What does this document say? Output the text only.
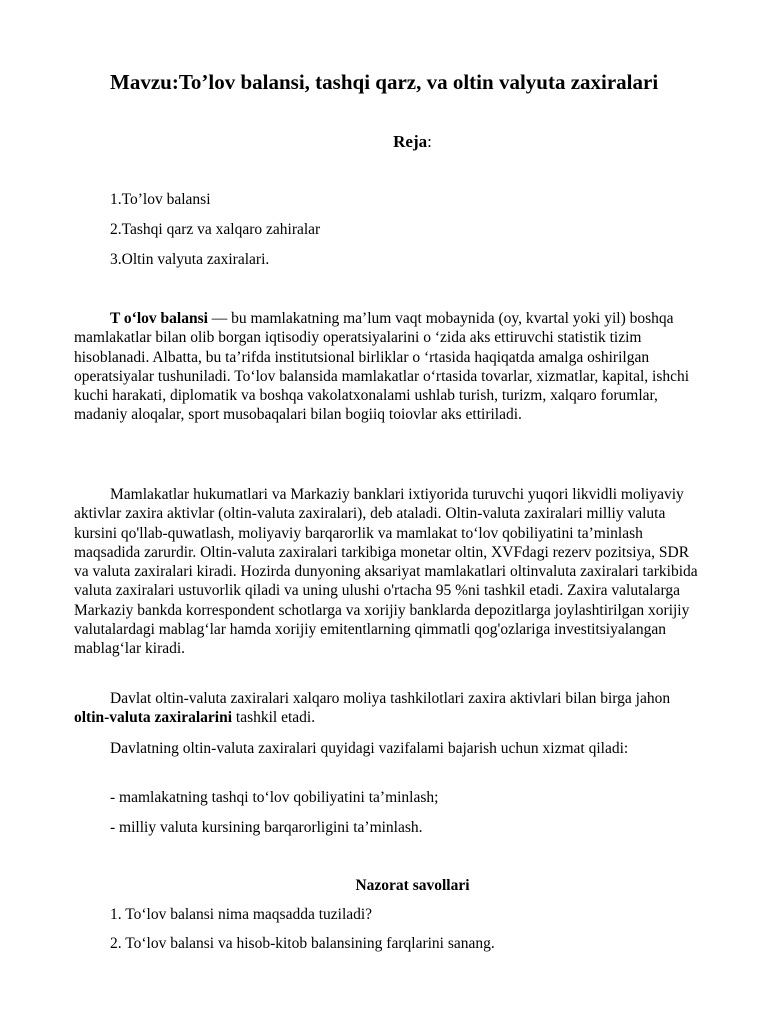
Mavzu:To’lov balansi, tashqi qarz, va oltin valyuta zaxiralari
Reja:
1.To’lov balansi
2.Tashqi qarz va xalqaro zahiralar
3.Oltin valyuta zaxiralari.

T o‘lov balansi — bu mamlakatning ma’lum vaqt mobaynida (oy, kvartal yoki yil) boshqa mamlakatlar bilan olib borgan iqtisodiy operatsiyalarini o ‘zida aks ettiruvchi statistik tizim hisoblanadi. Albatta, bu ta’rifda institutsional birliklar o ‘rtasida haqiqatda amalga oshirilgan operatsiyalar tushuniladi. To‘lov balansida mamlakatlar o‘rtasida tovarlar, xizmatlar, kapital, ishchi kuchi harakati, diplomatik va boshqa vakolatxonalami ushlab turish, turizm, xalqaro forumlar, madaniy aloqalar, sport musobaqalari bilan bogiiq toiovlar aks ettiriladi.

Mamlakatlar hukumatlari va Markaziy banklari ixtiyorida turuvchi yuqori likvidli moliyaviy aktivlar zaxira aktivlar (oltin-valuta zaxiralari), deb ataladi. Oltin-valuta zaxiralari milliy valuta kursini qo'llab-quwatlash, moliyaviy barqarorlik va mamlakat to‘lov qobiliyatini ta’minlash maqsadida zarurdir. Oltin-valuta zaxiralari tarkibiga monetar oltin, XVFdagi rezerv pozitsiya, SDR va valuta zaxiralari kiradi. Hozirda dunyoning aksariyat mamlakatlari oltinvaluta zaxiralari tarkibida valuta zaxiralari ustuvorlik qiladi va uning ulushi o'rtacha 95 %ni tashkil etadi. Zaxira valutalarga Markaziy bankda korrespondent schotlarga va xorijiy banklarda depozitlarga joylashtirilgan xorijiy valutalardagi mablag‘lar hamda xorijiy emitentlarning qimmatli qog'ozlariga investitsiyalangan mablag‘lar kiradi.

Davlat oltin-valuta zaxiralari xalqaro moliya tashkilotlari zaxira aktivlari bilan birga jahon oltin-valuta zaxiralarini tashkil etadi.

Davlatning oltin-valuta zaxiralari quyidagi vazifalami bajarish uchun xizmat qiladi:

- mamlakatning tashqi to‘lov qobiliyatini ta’minlash;
- milliy valuta kursining barqarorligini ta’minlash.
Nazorat savollari
1. To‘lov balansi nima maqsadda tuziladi?
2. To‘lov balansi va hisob-kitob balansining farqlarini sanang.
